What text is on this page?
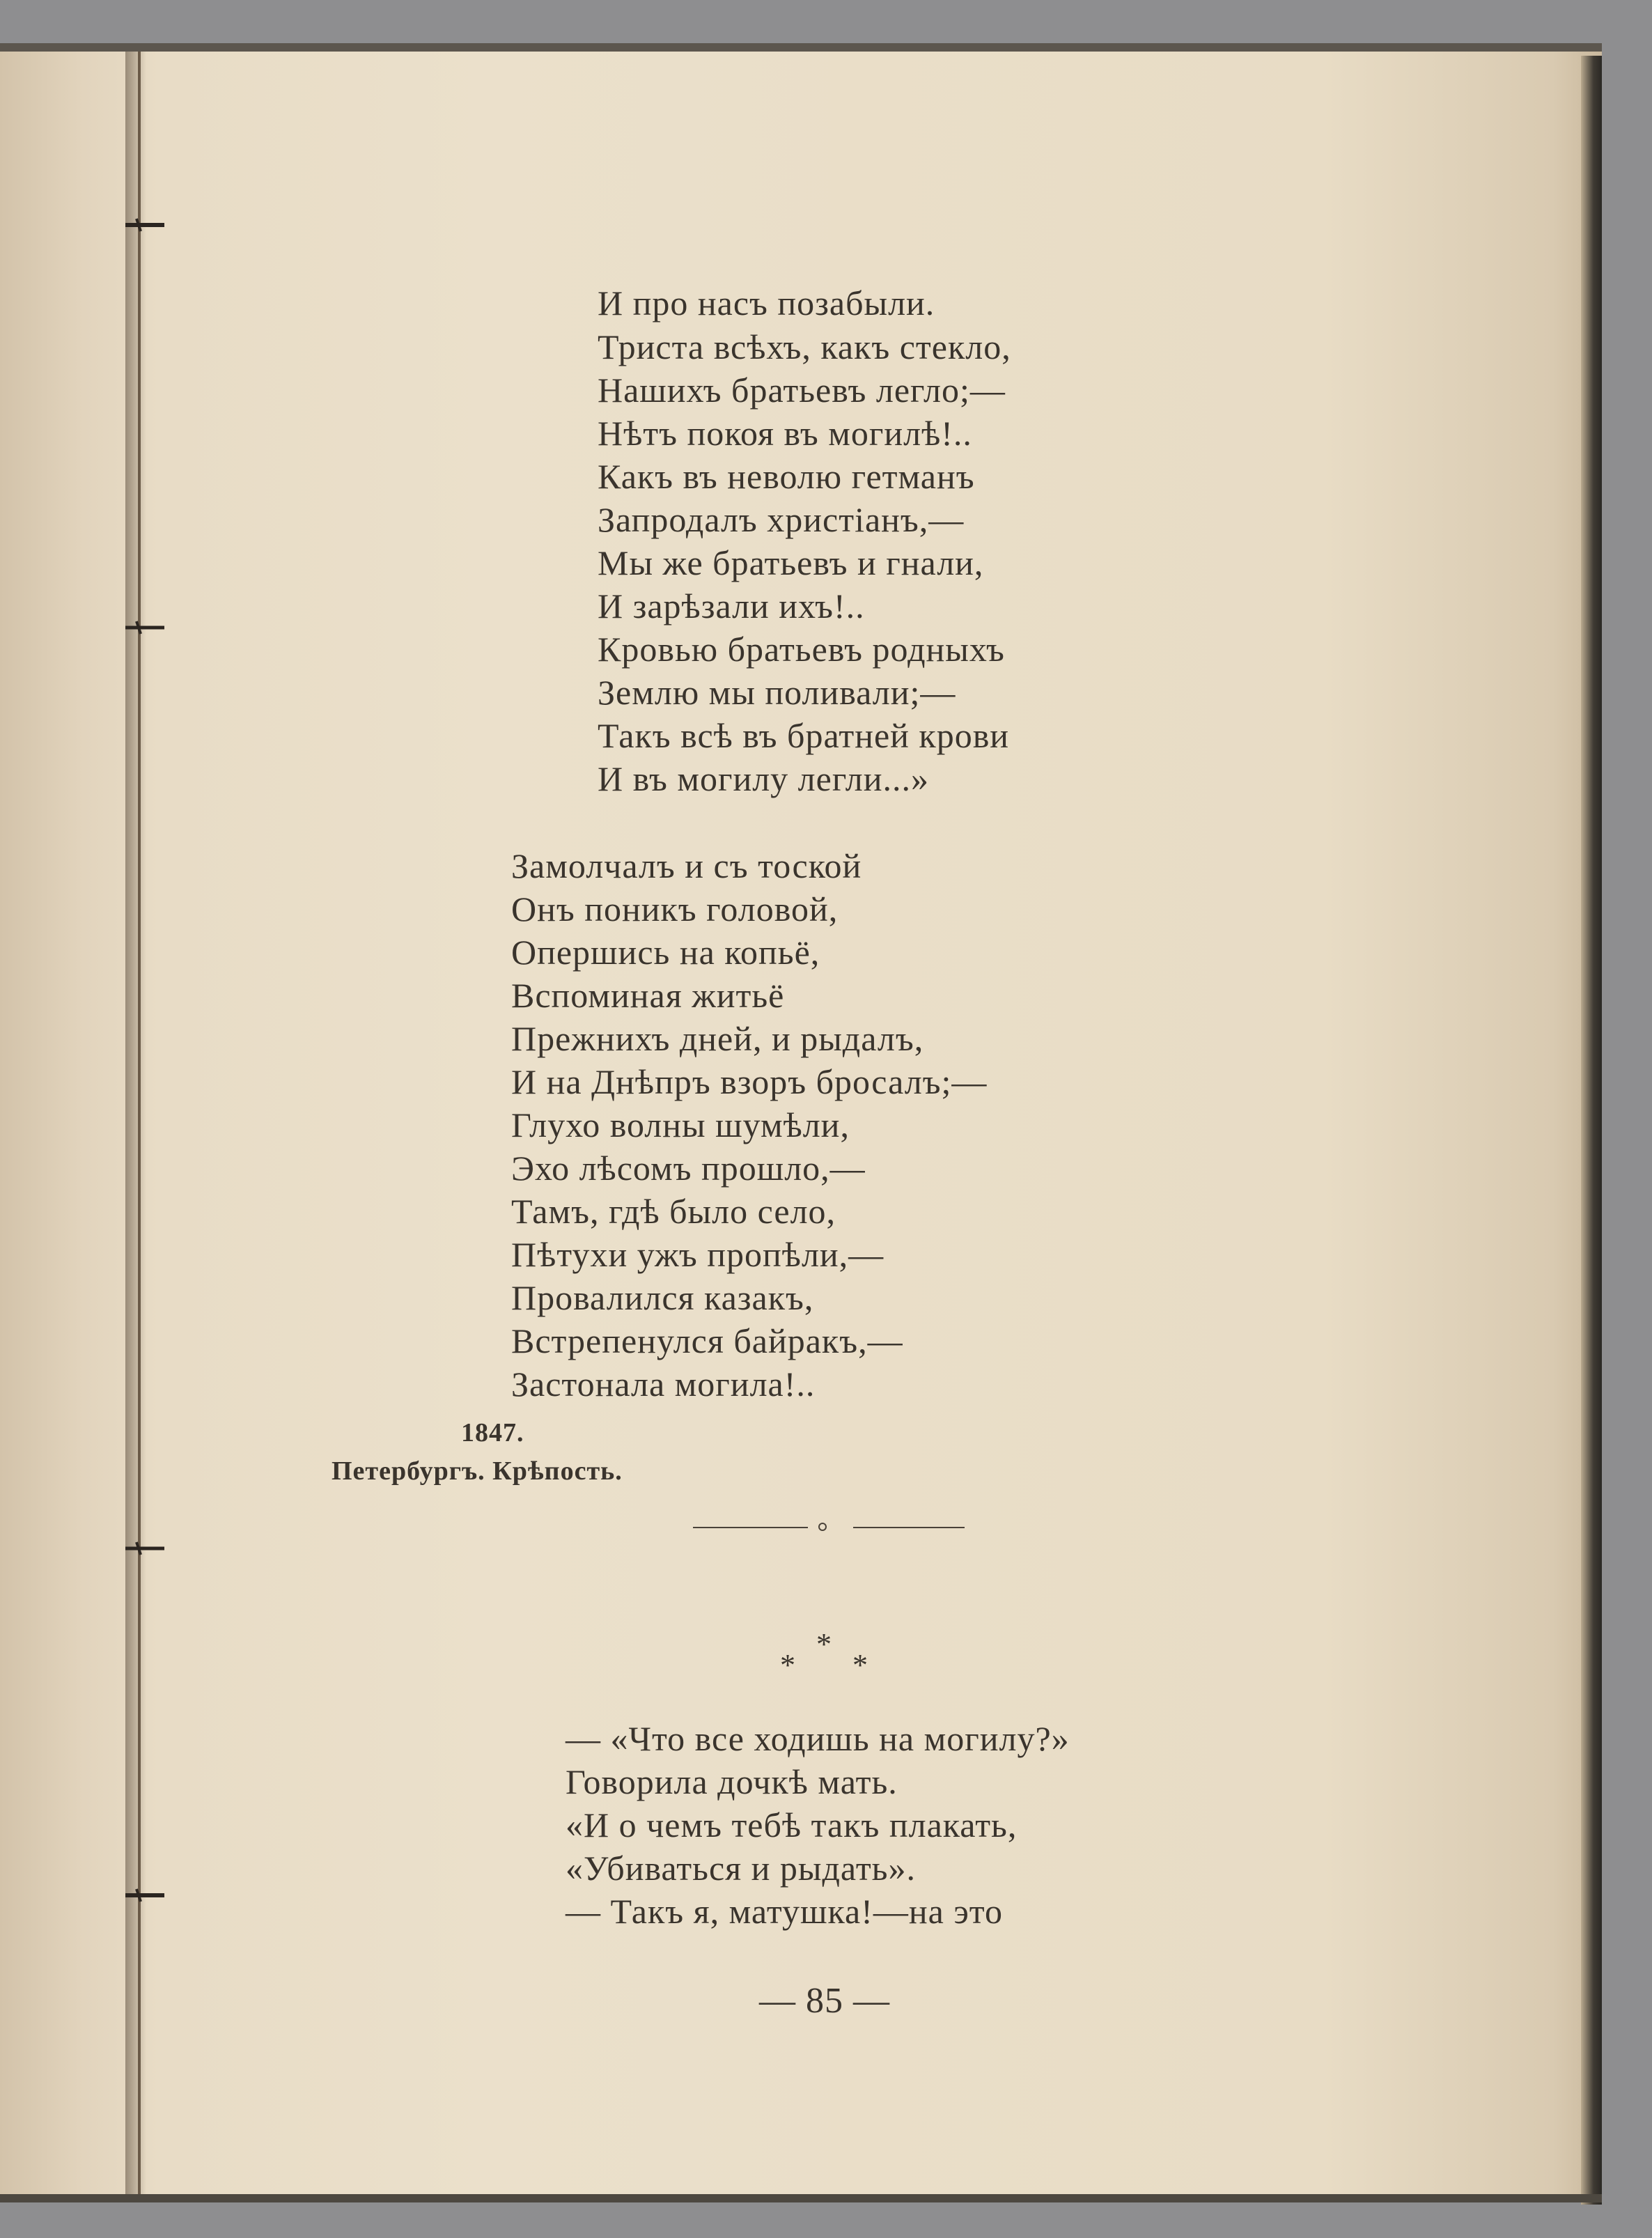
И про насъ позабыли.
Триста всѣхъ, какъ стекло,
Нашихъ братьевъ легло;—
Нѣтъ покоя въ могилѣ!..
Какъ въ неволю гетманъ
Запродалъ христіанъ,—
Мы же братьевъ и гнали,
И зарѣзали ихъ!..
Кровью братьевъ родныхъ
Землю мы поливали;—
Такъ всѣ въ братней крови
И въ могилу легли...»
Замолчалъ и съ тоской
Онъ поникъ головой,
Опершись на копьё,
Вспоминая житьё
Прежнихъ дней, и рыдалъ,
И на Днѣпръ взоръ бросалъ;—
Глухо волны шумѣли,
Эхо лѣсомъ прошло,—
Тамъ, гдѣ было село,
Пѣтухи ужъ пропѣли,—
Провалился казакъ,
Встрепенулся байракъ,—
Застонала могила!..
1847.
Петербургъ. Крѣпость.
*
*
*
— «Что все ходишь на могилу?»
Говорила дочкѣ мать.
«И о чемъ тебѣ такъ плакать,
«Убиваться и рыдать».
— Такъ я, матушка!—на это
— 85 —
